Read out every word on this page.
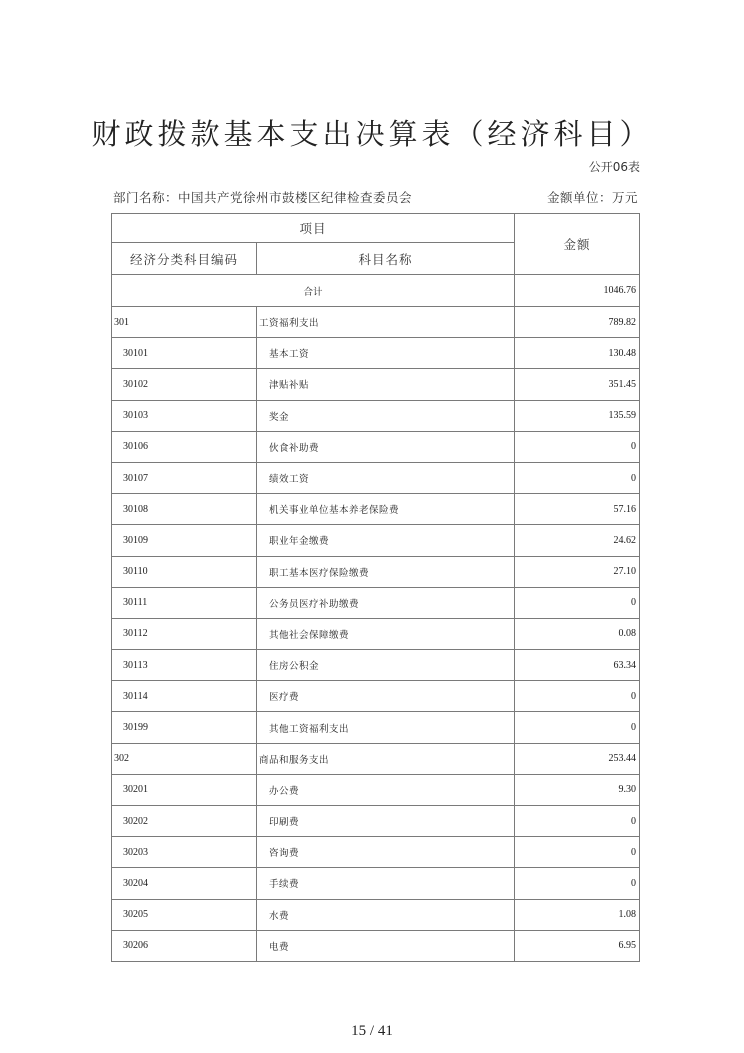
财政拨款基本支出决算表（经济科目）
公开06表
部门名称：中国共产党徐州市鼓楼区纪律检查委员会	金额单位：万元
项目		金额
经济分类科目编码	科目名称	
合计		1046.76
301	工资福利支出	789.82
30101	基本工资	130.48
30102	津贴补贴	351.45
30103	奖金	135.59
30106	伙食补助费	0
30107	绩效工资	0
30108	机关事业单位基本养老保险费	57.16
30109	职业年金缴费	24.62
30110	职工基本医疗保险缴费	27.10
30111	公务员医疗补助缴费	0
30112	其他社会保障缴费	0.08
30113	住房公积金	63.34
30114	医疗费	0
30199	其他工资福利支出	0
302	商品和服务支出	253.44
30201	办公费	9.30
30202	印刷费	0
30203	咨询费	0
30204	手续费	0
30205	水费	1.08
30206	电费	6.95
15 / 41
